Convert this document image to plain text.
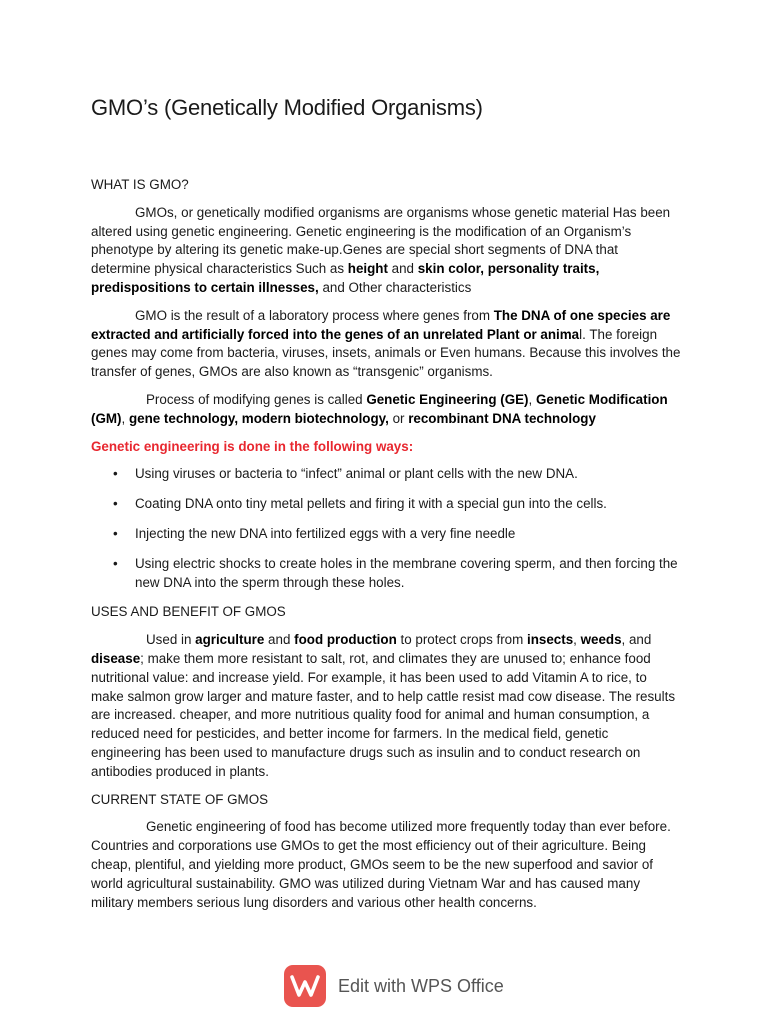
GMO’s (Genetically Modified Organisms)
WHAT IS GMO?

GMOs, or genetically modified organisms are organisms whose genetic material Has been altered using genetic engineering. Genetic engineering is the modification of an Organism’s phenotype by altering its genetic make-up.Genes are special short segments of DNA that determine physical characteristics Such as height and skin color, personality traits, predispositions to certain illnesses, and Other characteristics

GMO is the result of a laboratory process where genes from The DNA of one species are extracted and artificially forced into the genes of an unrelated Plant or animal. The foreign genes may come from bacteria, viruses, insets, animals or Even humans. Because this involves the transfer of genes, GMOs are also known as “transgenic” organisms.

Process of modifying genes is called Genetic Engineering (GE), Genetic Modification (GM), gene technology, modern biotechnology, or recombinant DNA technology

Genetic engineering is done in the following ways:

• Using viruses or bacteria to “infect” animal or plant cells with the new DNA.
• Coating DNA onto tiny metal pellets and firing it with a special gun into the cells.
• Injecting the new DNA into fertilized eggs with a very fine needle
• Using electric shocks to create holes in the membrane covering sperm, and then forcing the new DNA into the sperm through these holes.
USES AND BENEFIT OF GMOS

Used in agriculture and food production to protect crops from insects, weeds, and disease; make them more resistant to salt, rot, and climates they are unused to; enhance food nutritional value: and increase yield. For example, it has been used to add Vitamin A to rice, to make salmon grow larger and mature faster, and to help cattle resist mad cow disease. The results are increased. cheaper, and more nutritious quality food for animal and human consumption, a reduced need for pesticides, and better income for farmers. In the medical field, genetic engineering has been used to manufacture drugs such as insulin and to conduct research on antibodies produced in plants.

CURRENT STATE OF GMOS

Genetic engineering of food has become utilized more frequently today than ever before. Countries and corporations use GMOs to get the most efficiency out of their agriculture. Being cheap, plentiful, and yielding more product, GMOs seem to be the new superfood and savior of world agricultural sustainability. GMO was utilized during Vietnam War and has caused many military members serious lung disorders and various other health concerns.

Edit with WPS Office
